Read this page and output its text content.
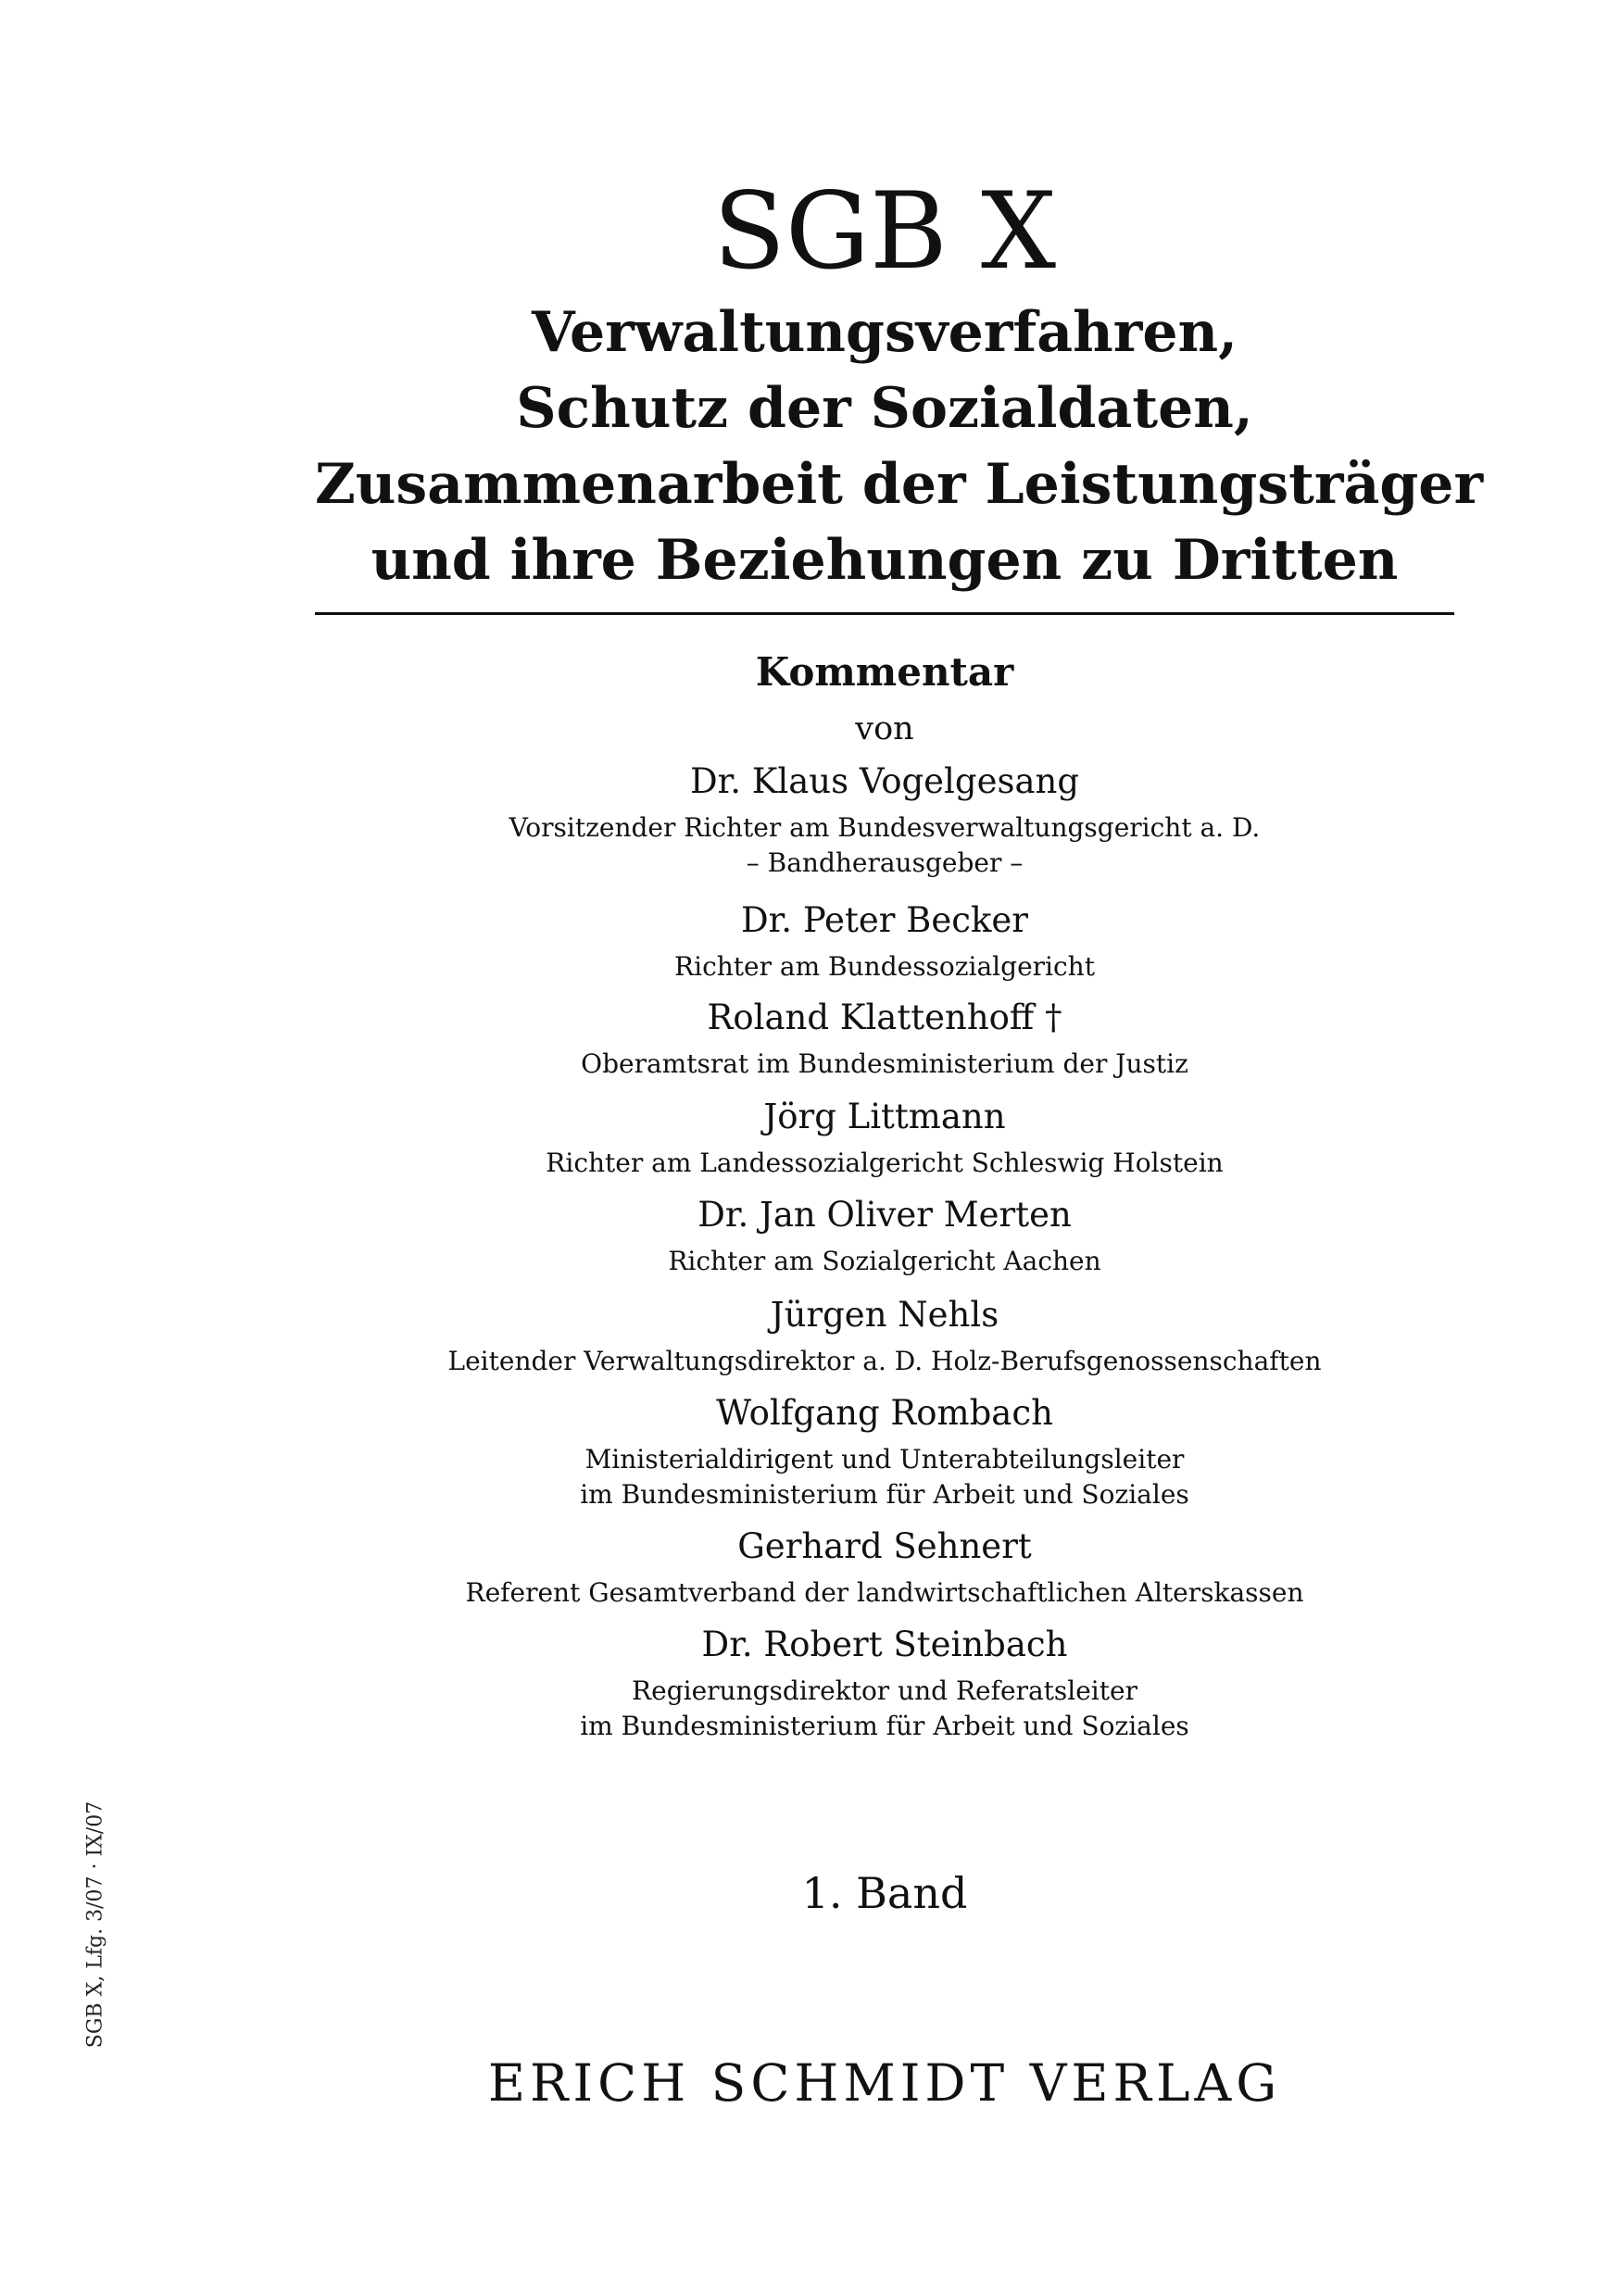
SGB X
Verwaltungsverfahren,
Schutz der Sozialdaten,
Zusammenarbeit der Leistungsträger
und ihre Beziehungen zu Dritten
Kommentar
von
Dr. Klaus Vogelgesang
Vorsitzender Richter am Bundesverwaltungsgericht a. D.
– Bandherausgeber –
Dr. Peter Becker
Richter am Bundessozialgericht
Roland Klattenhoff †
Oberamtsrat im Bundesministerium der Justiz
Jörg Littmann
Richter am Landessozialgericht Schleswig Holstein
Dr. Jan Oliver Merten
Richter am Sozialgericht Aachen
Jürgen Nehls
Leitender Verwaltungsdirektor a. D. Holz-Berufsgenossenschaften
Wolfgang Rombach
Ministerialdirigent und Unterabteilungsleiter
im Bundesministerium für Arbeit und Soziales
Gerhard Sehnert
Referent Gesamtverband der landwirtschaftlichen Alterskassen
Dr. Robert Steinbach
Regierungsdirektor und Referatsleiter
im Bundesministerium für Arbeit und Soziales
1. Band
ERICH SCHMIDT VERLAG
SGB X, Lfg. 3/07 · IX/07
